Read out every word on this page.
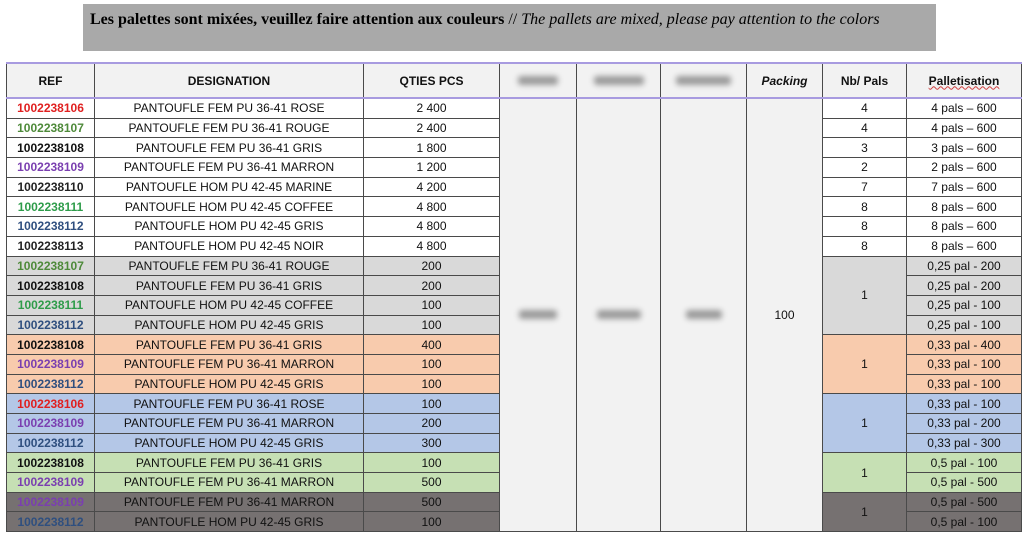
Les palettes sont mixées, veuillez faire attention aux couleurs // The pallets are mixed, please pay attention to the colors
REF	DESIGNATION	QTIES PCS				Packing	Nb/ Pals	Palletisation
1002238106	PANTOUFLE FEM PU 36-41 ROSE	2 400				100	4	4 pals – 600
1002238107	PANTOUFLE FEM PU 36-41 ROUGE	2 400					4	4 pals – 600
1002238108	PANTOUFLE FEM PU 36-41 GRIS	1 800					3	3 pals – 600
1002238109	PANTOUFLE FEM PU 36-41 MARRON	1 200					2	2 pals – 600
1002238110	PANTOUFLE HOM PU 42-45 MARINE	4 200					7	7 pals – 600
1002238111	PANTOUFLE HOM PU 42-45 COFFEE	4 800					8	8 pals – 600
1002238112	PANTOUFLE HOM PU 42-45 GRIS	4 800					8	8 pals – 600
1002238113	PANTOUFLE HOM PU 42-45 NOIR	4 800					8	8 pals – 600
1002238107	PANTOUFLE FEM PU 36-41 ROUGE	200					1	0,25 pal - 200
1002238108	PANTOUFLE FEM PU 36-41 GRIS	200						0,25 pal - 200
1002238111	PANTOUFLE HOM PU 42-45 COFFEE	100						0,25 pal - 100
1002238112	PANTOUFLE HOM PU 42-45 GRIS	100						0,25 pal - 100
1002238108	PANTOUFLE FEM PU 36-41 GRIS	400					1	0,33 pal - 400
1002238109	PANTOUFLE FEM PU 36-41 MARRON	100						0,33 pal - 100
1002238112	PANTOUFLE HOM PU 42-45 GRIS	100						0,33 pal - 100
1002238106	PANTOUFLE FEM PU 36-41 ROSE	100					1	0,33 pal - 100
1002238109	PANTOUFLE FEM PU 36-41 MARRON	200						0,33 pal - 200
1002238112	PANTOUFLE HOM PU 42-45 GRIS	300						0,33 pal - 300
1002238108	PANTOUFLE FEM PU 36-41 GRIS	100					1	0,5 pal - 100
1002238109	PANTOUFLE FEM PU 36-41 MARRON	500						0,5 pal - 500
1002238109	PANTOUFLE FEM PU 36-41 MARRON	500					1	0,5 pal - 500
1002238112	PANTOUFLE HOM PU 42-45 GRIS	100						0,5 pal - 100
